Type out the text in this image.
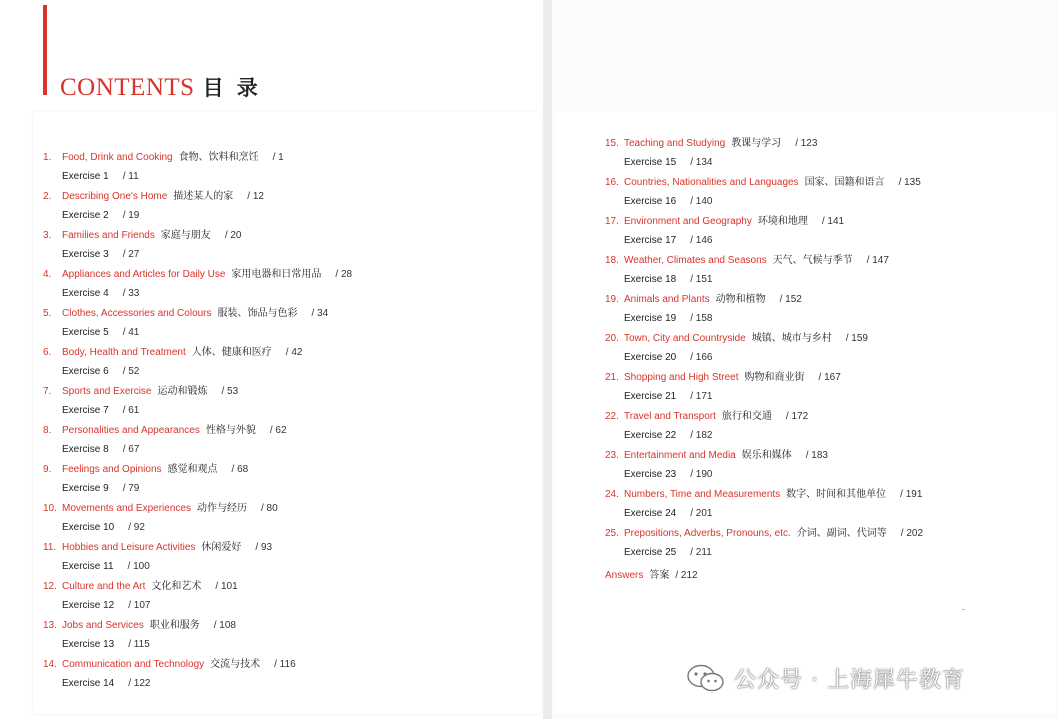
CONTENTS 目 录
1.	Food, Drink and Cooking 食物、饮料和烹饪 / 1
Exercise 1 / 11
2.	Describing One's Home 描述某人的家 / 12
Exercise 2 / 19
3.	Families and Friends 家庭与朋友 / 20
Exercise 3 / 27
4.	Appliances and Articles for Daily Use 家用电器和日常用品 / 28
Exercise 4 / 33
5.	Clothes, Accessories and Colours 服装、饰品与色彩 / 34
Exercise 5 / 41
6.	Body, Health and Treatment 人体、健康和医疗 / 42
Exercise 6 / 52
7.	Sports and Exercise 运动和锻炼 / 53
Exercise 7 / 61
8.	Personalities and Appearances 性格与外貌 / 62
Exercise 8 / 67
9.	Feelings and Opinions 感觉和观点 / 68
Exercise 9 / 79
10. Movements and Experiences 动作与经历 / 80
Exercise 10 / 92
11. Hobbies and Leisure Activities 休闲爱好 / 93
Exercise 11 / 100
12. Culture and the Art 文化和艺术 / 101
Exercise 12 / 107
13. Jobs and Services 职业和服务 / 108
Exercise 13 / 115
14. Communication and Technology 交流与技术 / 116
Exercise 14 / 122
15. Teaching and Studying 教课与学习 / 123
Exercise 15 / 134
16. Countries, Nationalities and Languages 国家、国籍和语言 / 135
Exercise 16 / 140
17. Environment and Geography 环境和地理 / 141
Exercise 17 / 146
18. Weather, Climates and Seasons 天气、气候与季节 / 147
Exercise 18 / 151
19. Animals and Plants 动物和植物 / 152
Exercise 19 / 158
20. Town, City and Countryside 城镇、城市与乡村 / 159
Exercise 20 / 166
21. Shopping and High Street 购物和商业街 / 167
Exercise 21 / 171
22. Travel and Transport 旅行和交通 / 172
Exercise 22 / 182
23. Entertainment and Media 娱乐和媒体 / 183
Exercise 23 / 190
24. Numbers, Time and Measurements 数字、时间和其他单位 / 191
Exercise 24 / 201
25. Prepositions, Adverbs, Pronouns, etc. 介词、副词、代词等 / 202
Exercise 25 / 211
Answers 答案 / 212
公众号 · 上海犀牛教育
